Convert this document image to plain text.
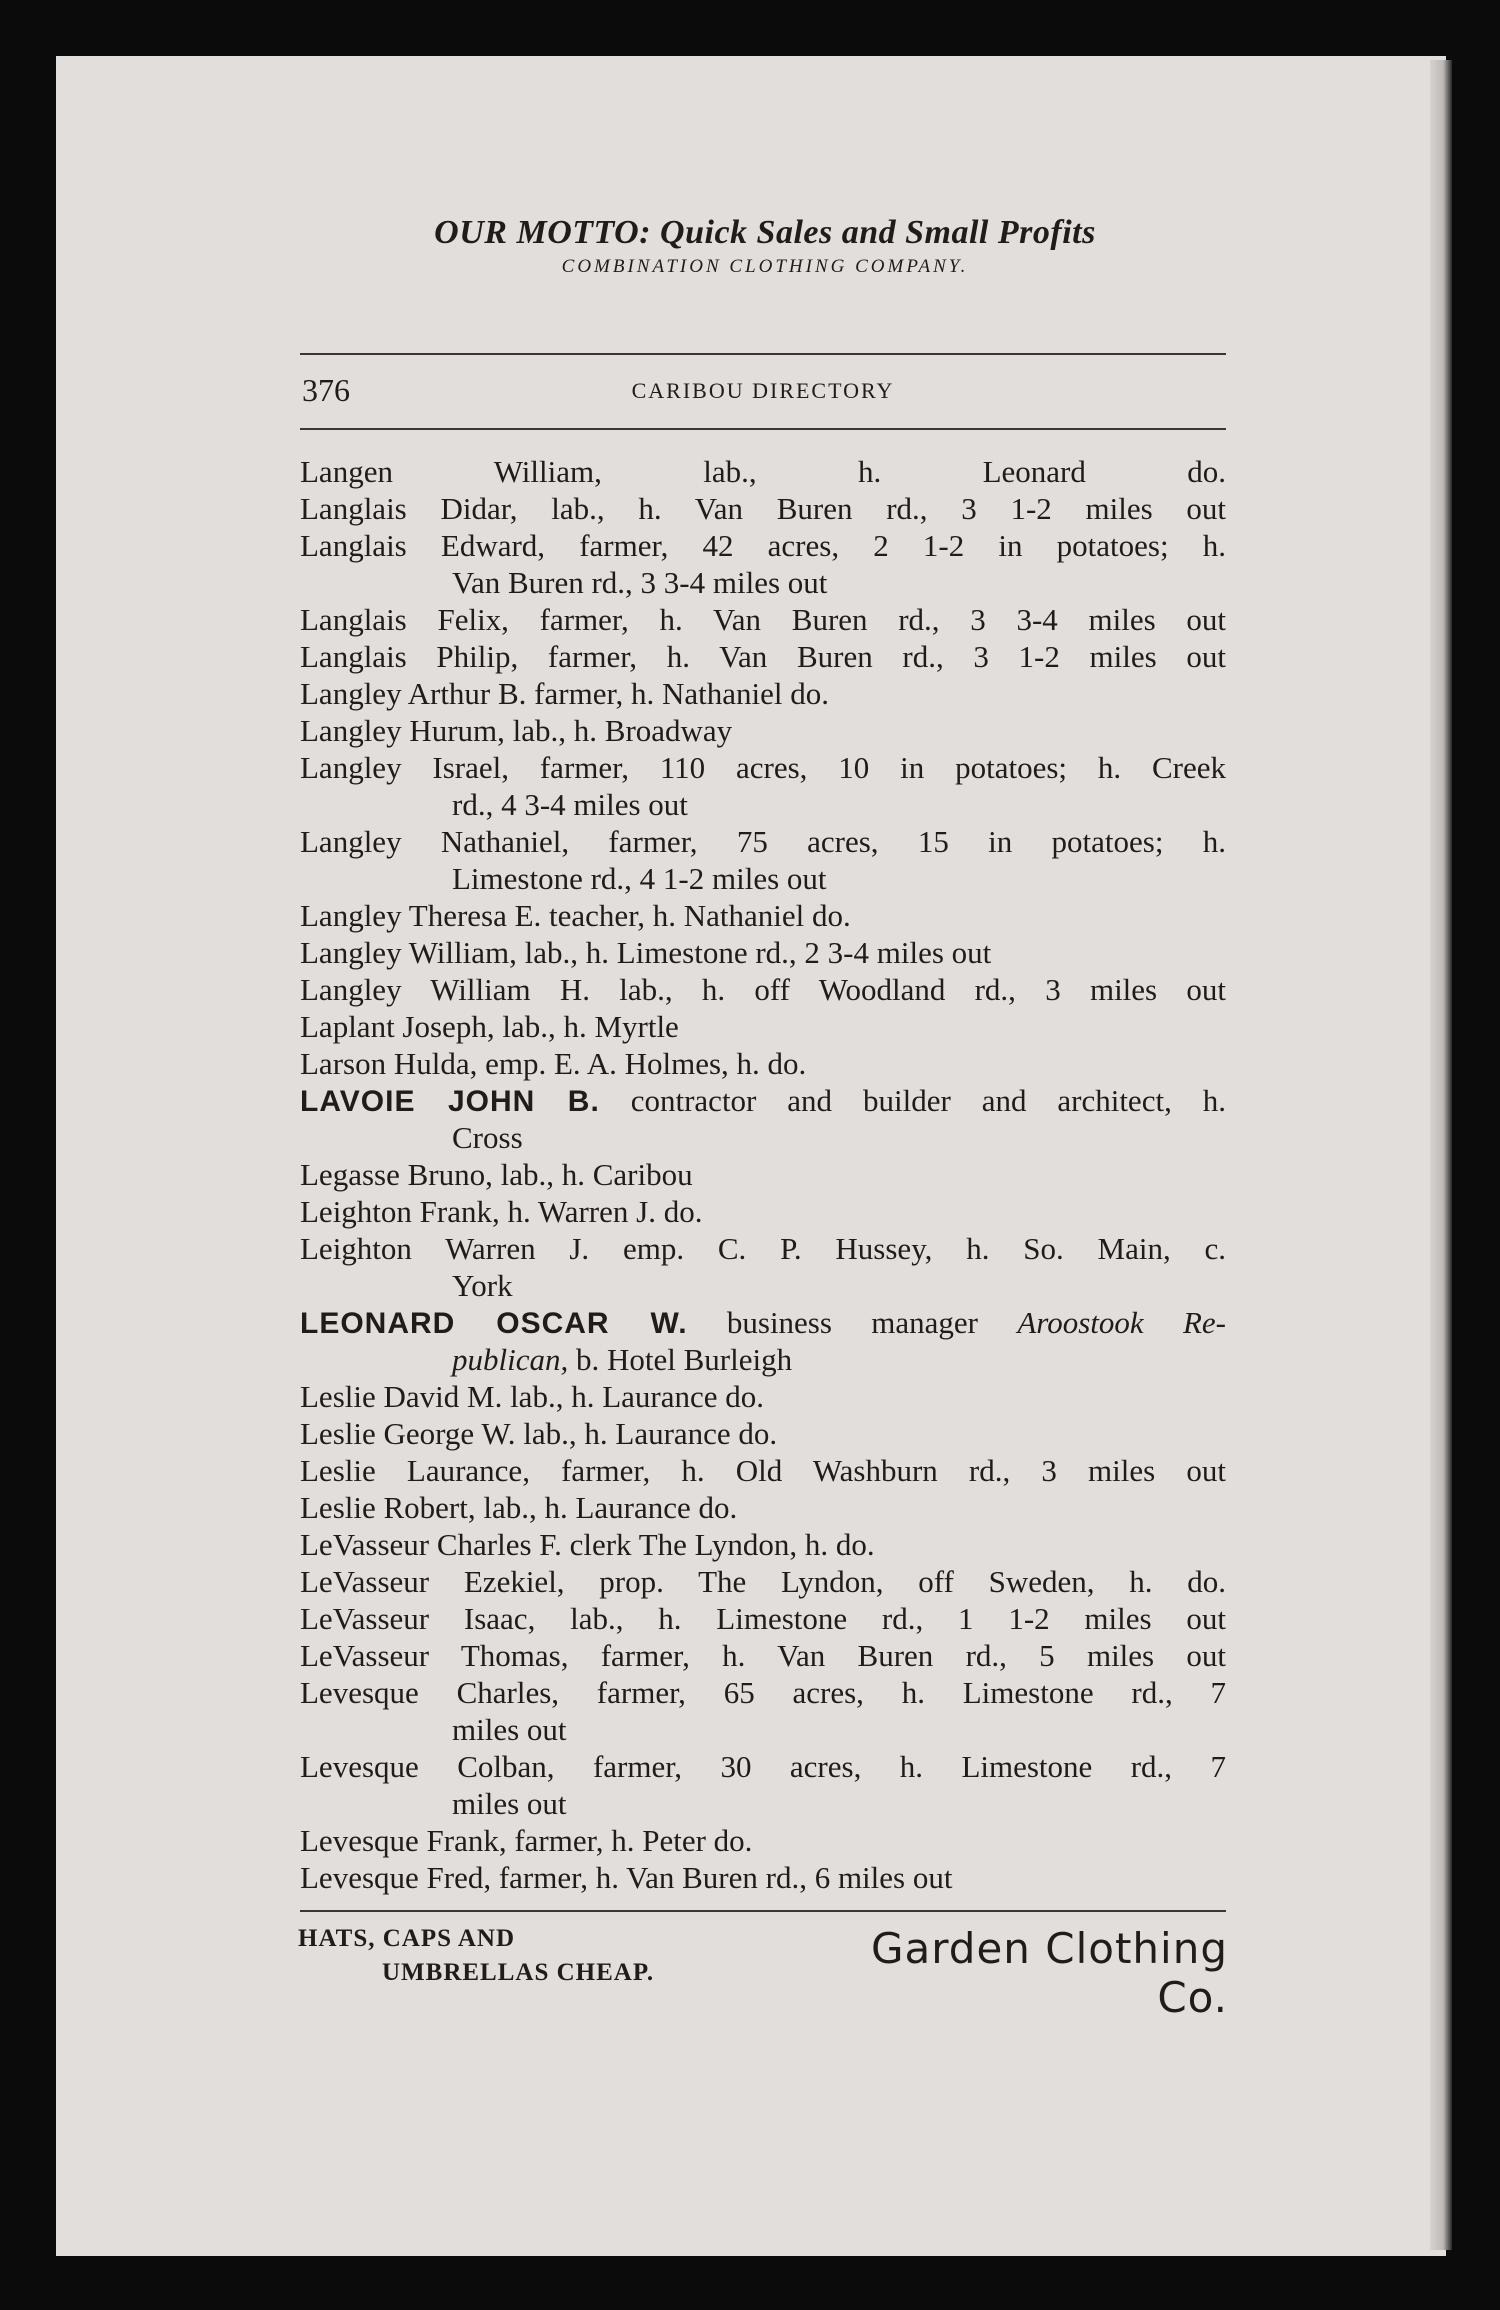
OUR MOTTO: Quick Sales and Small Profits
COMBINATION CLOTHING COMPANY.
376	CARIBOU DIRECTORY
Langen William, lab., h. Leonard do.
Langlais Didar, lab., h. Van Buren rd., 3 1-2 miles out
Langlais Edward, farmer, 42 acres, 2 1-2 in potatoes; h.
Van Buren rd., 3 3-4 miles out
Langlais Felix, farmer, h. Van Buren rd., 3 3-4 miles out
Langlais Philip, farmer, h. Van Buren rd., 3 1-2 miles out
Langley Arthur B. farmer, h. Nathaniel do.
Langley Hurum, lab., h. Broadway
Langley Israel, farmer, 110 acres, 10 in potatoes; h. Creek
rd., 4 3-4 miles out
Langley Nathaniel, farmer, 75 acres, 15 in potatoes; h.
Limestone rd., 4 1-2 miles out
Langley Theresa E. teacher, h. Nathaniel do.
Langley William, lab., h. Limestone rd., 2 3-4 miles out
Langley William H. lab., h. off Woodland rd., 3 miles out
Laplant Joseph, lab., h. Myrtle
Larson Hulda, emp. E. A. Holmes, h. do.
LAVOIE JOHN B. contractor and builder and architect, h.
Cross
Legasse Bruno, lab., h. Caribou
Leighton Frank, h. Warren J. do.
Leighton Warren J. emp. C. P. Hussey, h. So. Main, c.
York
LEONARD OSCAR W. business manager Aroostook Re-
publican, b. Hotel Burleigh
Leslie David M. lab., h. Laurance do.
Leslie George W. lab., h. Laurance do.
Leslie Laurance, farmer, h. Old Washburn rd., 3 miles out
Leslie Robert, lab., h. Laurance do.
LeVasseur Charles F. clerk The Lyndon, h. do.
LeVasseur Ezekiel, prop. The Lyndon, off Sweden, h. do.
LeVasseur Isaac, lab., h. Limestone rd., 1 1-2 miles out
LeVasseur Thomas, farmer, h. Van Buren rd., 5 miles out
Levesque Charles, farmer, 65 acres, h. Limestone rd., 7
miles out
Levesque Colban, farmer, 30 acres, h. Limestone rd., 7
miles out
Levesque Frank, farmer, h. Peter do.
Levesque Fred, farmer, h. Van Buren rd., 6 miles out
HATS, CAPS AND
UMBRELLAS CHEAP.	Garden Clothing Co.
